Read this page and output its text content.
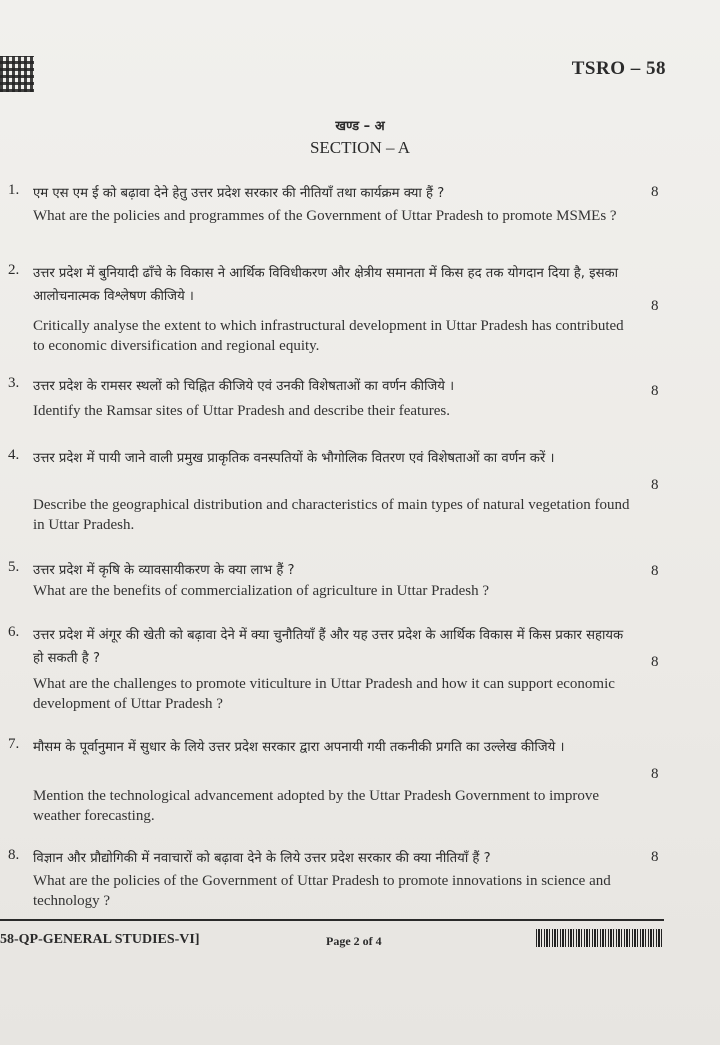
TSRO – 58
खण्ड – अ
SECTION – A
1. एम एस एम ई को बढ़ावा देने हेतु उत्तर प्रदेश सरकार की नीतियाँ तथा कार्यक्रम क्या हैं ?
What are the policies and programmes of the Government of Uttar Pradesh to promote MSMEs ?
8
2. उत्तर प्रदेश में बुनियादी ढाँचे के विकास ने आर्थिक विविधीकरण और क्षेत्रीय समानता में किस हद तक योगदान दिया है, इसका आलोचनात्मक विश्लेषण कीजिये ।
Critically analyse the extent to which infrastructural development in Uttar Pradesh has contributed to economic diversification and regional equity.
8
3. उत्तर प्रदेश के रामसर स्थलों को चिह्नित कीजिये एवं उनकी विशेषताओं का वर्णन कीजिये ।
Identify the Ramsar sites of Uttar Pradesh and describe their features.
8
4. उत्तर प्रदेश में पायी जाने वाली प्रमुख प्राकृतिक वनस्पतियों के भौगोलिक वितरण एवं विशेषताओं का वर्णन करें ।
Describe the geographical distribution and characteristics of main types of natural vegetation found in Uttar Pradesh.
8
5. उत्तर प्रदेश में कृषि के व्यावसायीकरण के क्या लाभ हैं ?
What are the benefits of commercialization of agriculture in Uttar Pradesh ?
8
6. उत्तर प्रदेश में अंगूर की खेती को बढ़ावा देने में क्या चुनौतियाँ हैं और यह उत्तर प्रदेश के आर्थिक विकास में किस प्रकार सहायक हो सकती है ?
What are the challenges to promote viticulture in Uttar Pradesh and how it can support economic development of Uttar Pradesh ?
8
7. मौसम के पूर्वानुमान में सुधार के लिये उत्तर प्रदेश सरकार द्वारा अपनायी गयी तकनीकी प्रगति का उल्लेख कीजिये ।
Mention the technological advancement adopted by the Uttar Pradesh Government to improve weather forecasting.
8
8. विज्ञान और प्रौद्योगिकी में नवाचारों को बढ़ावा देने के लिये उत्तर प्रदेश सरकार की क्या नीतियाँ हैं ?
What are the policies of the Government of Uttar Pradesh to promote innovations in science and technology ?
8
58-QP-GENERAL STUDIES-VI]	Page 2 of 4
